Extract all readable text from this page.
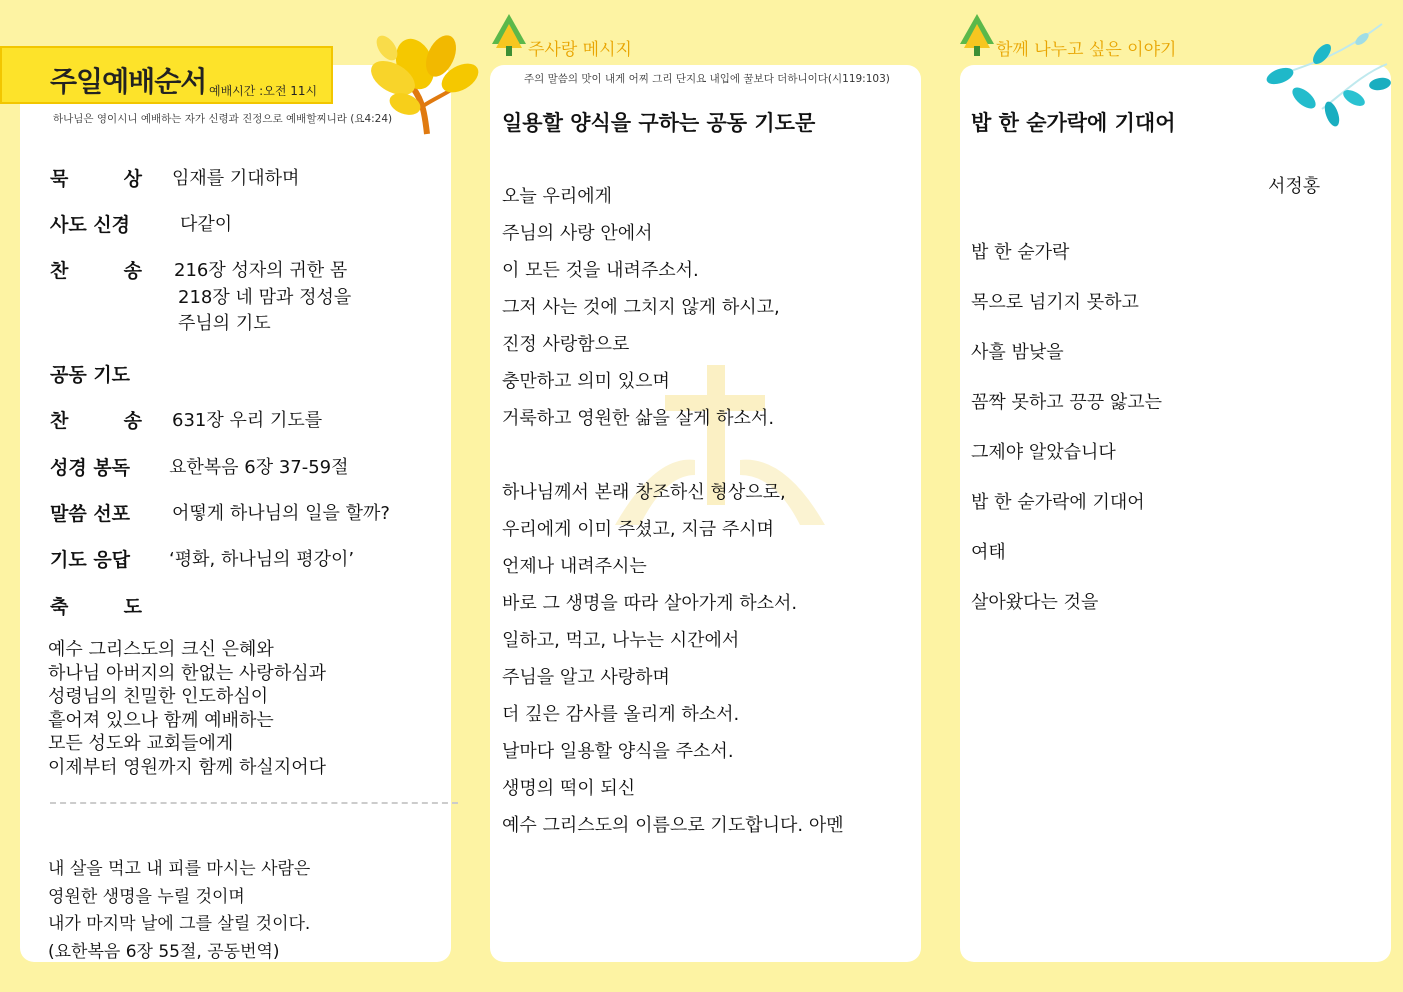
주일예배순서 예배시간 :오전 11시
하나님은 영이시니 예배하는 자가 신령과 진정으로 예배할찌니라 (요4:24)
묵	상 임재를 기대하며
사도 신경	다같이
찬	송 216장 성자의 귀한 몸
218장 네 맘과 정성을
주님의 기도
공동 기도
찬	송 631장 우리 기도를
성경 봉독	요한복음 6장 37-59절
말씀 선포	어떻게 하나님의 일을 할까?
기도 응답	‘평화, 하나님의 평강이’
축	도
예수 그리스도의 크신 은혜와
하나님 아버지의 한없는 사랑하심과
성령님의 친밀한 인도하심이
흩어져 있으나 함께 예배하는
모든 성도와 교회들에게
이제부터 영원까지 함께 하실지어다
내 살을 먹고 내 피를 마시는 사람은
영원한 생명을 누릴 것이며
내가 마지막 날에 그를 살릴 것이다.
(요한복음 6장 55절, 공동번역)
주사랑 메시지
주의 말씀의 맛이 내게 어찌 그리 단지요 내입에 꿀보다 더하니이다(시119:103)
일용할 양식을 구하는 공동 기도문
오늘 우리에게
주님의 사랑 안에서
이 모든 것을 내려주소서.
그저 사는 것에 그치지 않게 하시고,
진정 사랑함으로
충만하고 의미 있으며
거룩하고 영원한 삶을 살게 하소서.

하나님께서 본래 창조하신 형상으로,
우리에게 이미 주셨고, 지금 주시며
언제나 내려주시는
바로 그 생명을 따라 살아가게 하소서.
일하고, 먹고, 나누는 시간에서
주님을 알고 사랑하며
더 깊은 감사를 올리게 하소서.
날마다 일용할 양식을 주소서.
생명의 떡이 되신
예수 그리스도의 이름으로 기도합니다. 아멘
함께 나누고 싶은 이야기
밥 한 숟가락에 기대어
서정홍
밥 한 숟가락
목으로 넘기지 못하고
사흘 밤낮을
꼼짝 못하고 끙끙 앓고는
그제야 알았습니다
밥 한 숟가락에 기대어
여태
살아왔다는 것을
